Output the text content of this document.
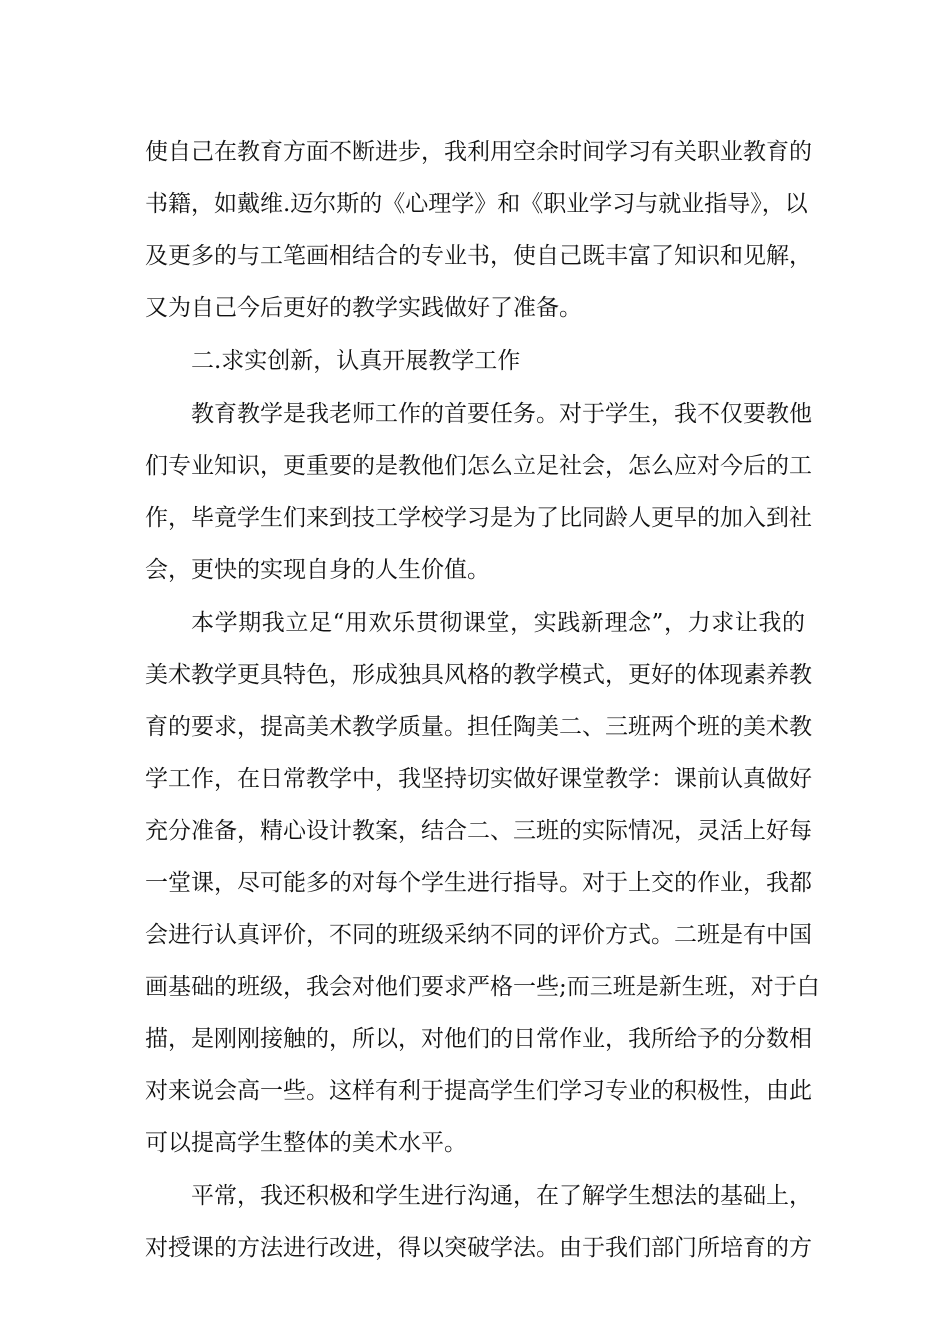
使自己在教育方面不断进步，我利用空余时间学习有关职业教育的
书籍，如戴维.迈尔斯的《心理学》和《职业学习与就业指导》，以
及更多的与工笔画相结合的专业书，使自己既丰富了知识和见解，
又为自己今后更好的教学实践做好了准备。
二.求实创新，认真开展教学工作
教育教学是我老师工作的首要任务。对于学生，我不仅要教他
们专业知识，更重要的是教他们怎么立足社会，怎么应对今后的工
作，毕竟学生们来到技工学校学习是为了比同龄人更早的加入到社
会，更快的实现自身的人生价值。
本学期我立足“用欢乐贯彻课堂，实践新理念”，力求让我的
美术教学更具特色，形成独具风格的教学模式，更好的体现素养教
育的要求，提高美术教学质量。担任陶美二、三班两个班的美术教
学工作，在日常教学中，我坚持切实做好课堂教学：课前认真做好
充分准备，精心设计教案，结合二、三班的实际情况，灵活上好每
一堂课，尽可能多的对每个学生进行指导。对于上交的作业，我都
会进行认真评价，不同的班级采纳不同的评价方式。二班是有中国
画基础的班级，我会对他们要求严格一些;而三班是新生班，对于白
描，是刚刚接触的，所以，对他们的日常作业，我所给予的分数相
对来说会高一些。这样有利于提高学生们学习专业的积极性，由此
可以提高学生整体的美术水平。
平常，我还积极和学生进行沟通，在了解学生想法的基础上，
对授课的方法进行改进，得以突破学法。由于我们部门所培育的方
